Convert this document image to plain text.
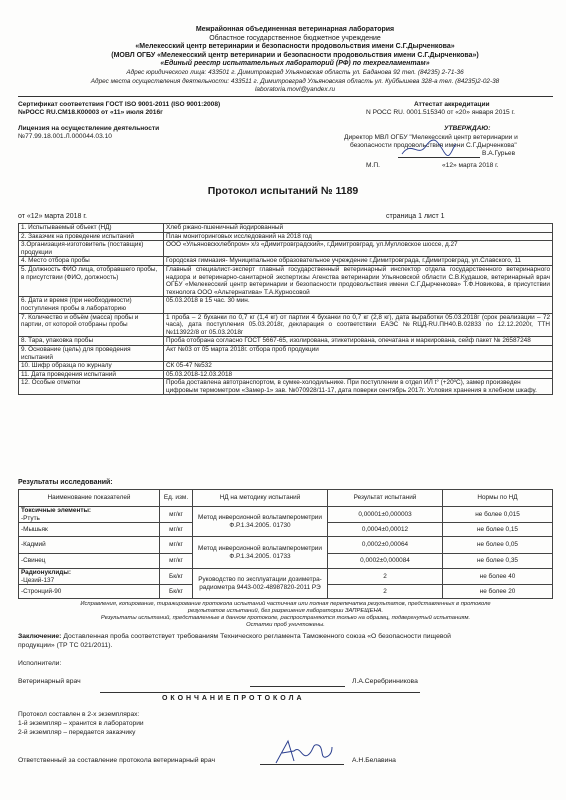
Межрайонная объединенная ветеринарная лаборатория
Областное государственное бюджетное учреждение
«Мелекесский центр ветеринарии и безопасности продовольствия имени С.Г.Дырченкова»
(МОВЛ ОГБУ «Мелекесский центр ветеринарии и безопасности продовольствия имени С.Г.Дырченкова»)
«Единый реестр испытательных лабораторий (РФ) по техрегламентам»
Адрес юридического лица: 433501 г. Димитровград Ульяновская область ул. Баданова 92 тел. (84235) 2-71-36
Адрес места осуществления деятельности: 433511 г. Димитровград Ульяновская область ул. Куйбышева 328-а тел. (84235)2-02-38
laboratoria.movl@yandex.ru
Сертификат соответствия ГОСТ ISO 9001-2011 (ISO 9001:2008)
№РОСС RU.СМ18.К00003 от «11» июля 2016г
Лицензия на осуществление деятельности
№77.99.18.001.Л.000044.03.10
Аттестат аккредитации
N РОСС RU. 0001.515340 от «20» января 2015 г.
УТВЕРЖДАЮ:
Директор МВЛ ОГБУ "Мелекесский центр ветеринарии и
безопасности продовольствия имени С.Г.Дырченкова"
В.А.Гурьев
М.П.	«12» марта 2018 г.
Протокол испытаний № 1189
от «12» марта 2018 г.	страница 1 лист 1
1. Испытываемый объект (НД)	Хлеб ржано-пшеничный йодированный
2. Заказчик на проведение испытаний	План мониторинговых исследований на 2018 год
3.Организация-изготовитель (поставщик) продукции	ООО «Ульяновскхлебпром» х/з «Димитровградский», г.Димитровград, ул.Мулловское шоссе, д.27
4. Место отбора пробы	Городская гимназия- Муниципальное образовательное учреждение г.Димитровграда, г.Димитровград, ул.Славского, 11
5. Должность ФИО лица, отобравшего пробы, в присутствии (ФИО, должность)	Главный специалист-эксперт главный государственный ветеринарный инспектор отдела государственного ветеринарного надзора и ветеринарно-санитарной экспертизы Агенства ветеринарии Ульяновской области С.В.Кудашов, ветеринарный врач ОГБУ «Мелекесский центр ветеринарии и безопасности продовольствия имени С.Г.Дырченкова» Т.Ф.Новикова, в присутствии технолога ООО «Альтернатива» Т.А.Курносовой
6. Дата и время (при необходимости) поступления пробы в лабораторию	05.03.2018 в 15 час. 30 мин.
7. Количество и объём (масса) пробы и партии, от которой отобраны пробы	1 проба – 2 буханки по 0,7 кг (1,4 кг) от партии 4 буханки по 0,7 кг (2,8 кг), дата выработки 05.03.2018г (срок реализации – 72 часа), дата поступления 05.03.2018г, декларация о соответствии ЕАЭС №RЦД-RU.ПН40.В.02833 по 12.12.2020г, ТТН №113922/8 от 05.03.2018г
8. Тара, упаковка пробы	Проба отобрана согласно ГОСТ 5667-65, изолирована, этикетирована, опечатана и маркирована, сейф пакет № 26587248
9. Основание (цель) для проведения испытаний	Акт №03 от 05 марта 2018г. отбора проб продукции
10. Шифр образца по журналу	СК 05-47 №532
11. Дата проведения испытаний	05.03.2018-12.03.2018
12. Особые отметки	Проба доставлена автотранспортом, в сумке-холодильнике. При поступлении в отдел ИЛ t° (+20ºС), замер произведен цифровым термометром «Замер-1» зав. №070928/11-17, дата поверки сентябрь 2017г. Условия хранения в хлебном шкафу.
Результаты исследований:
Наименование показателей	Ед. изм.	НД на методику испытаний	Результат испытаний	Нормы по НД

Токсичные элементы:
-Ртуть	мг/кг	Метод инверсионной вольтамперометрии Ф.Р.1.34.2005. 01730	0,00001±0,000003	не более 0,015
-Мышьяк	мг/кг		0,0004±0,00012	не более 0,15
-Кадмий	мг/кг	Метод инверсионной вольтамперометрии Ф.Р.1.34.2005. 01733	0,0002±0,00064	не более 0,05
-Свинец	мг/кг		0,0002±0,000084	не более 0,35

Радионуклиды:
-Цезий-137	Бк/кг	Руководство по эксплуатации дозиметра-радиометра 9443-002-48987820-2011 РЭ	2	не более 40
-Стронций-90	Бк/кг		2	не более 20
Исправления, копирование, тиражирование протокола испытаний частичная или полная перепечатка результатов, представленных в протоколе
результатов испытаний, без разрешения лаборатории ЗАПРЕЩЕНА.
Результаты испытаний, представленные в данном протоколе, распространяются только на образец, подвергнутый испытаниям.
Остатки проб уничтожены.
Заключение: Доставленная проба соответствует требованиям Технического регламента Таможенного союза «О безопасности пищевой
продукции» (ТР ТС 021/2011).
Исполнители:
Ветеринарный врач	Л.А.Серебринникова
О К О Н Ч А Н И Е П Р О Т О К О Л А
Протокол составлен в 2-х экземплярах:
1-й экземпляр – хранится в лаборатории
2-й экземпляр – передается заказчику
Ответственный за составление протокола ветеринарный врач	А.Н.Белавина
